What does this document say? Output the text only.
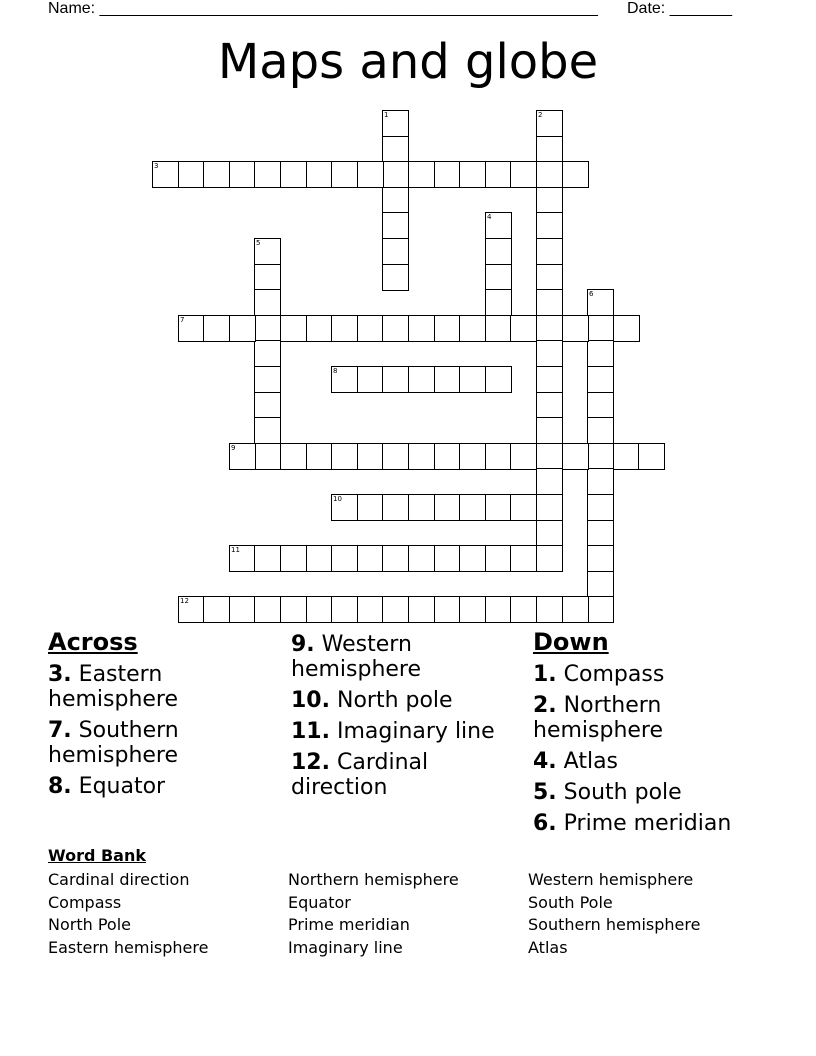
Name: ________________________________________________________ Date: _______
Maps and globe
1	2
3
4
5
6
7
8
9
10
11
12
Across
3. Eastern hemisphere
7. Southern hemisphere
8. Equator
9. Western hemisphere
10. North pole
11. Imaginary line
12. Cardinal direction
Down
1. Compass
2. Northern hemisphere
4. Atlas
5. South pole
6. Prime meridian
Word Bank
Cardinal direction
Compass
North Pole
Eastern hemisphere
Northern hemisphere
Equator
Prime meridian
Imaginary line
Western hemisphere
South Pole
Southern hemisphere
Atlas
